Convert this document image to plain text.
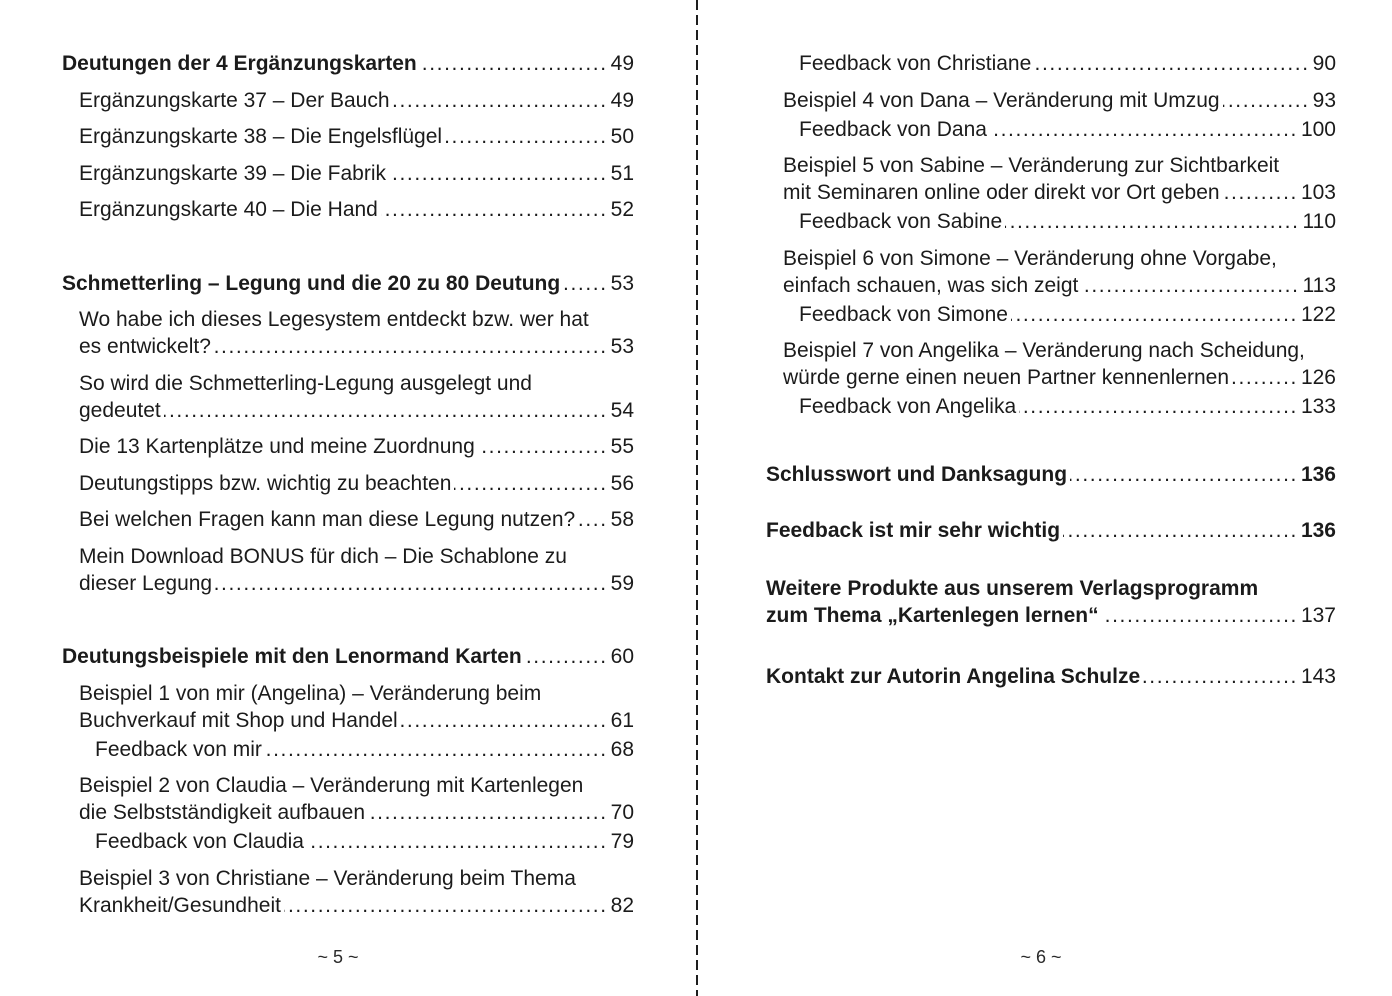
Deutungen der 4 Ergänzungskarten .....	49
Ergänzungskarte 37 – Der Bauch .....	49
Ergänzungskarte 38 – Die Engelsflügel .....	50
Ergänzungskarte 39 – Die Fabrik .....	51
Ergänzungskarte 40 – Die Hand .....	52
Schmetterling – Legung und die 20 zu 80 Deutung ..... 53
Wo habe ich dieses Legesystem entdeckt bzw. wer hat
es entwickelt? .....	53
So wird die Schmetterling-Legung ausgelegt und
gedeutet .....	54
Die 13 Kartenplätze und meine Zuordnung .....	55
Deutungstipps bzw. wichtig zu beachten .....	56
Bei welchen Fragen kann man diese Legung nutzen? ..... 58
Mein Download BONUS für dich – Die Schablone zu
dieser Legung .....	59
Deutungsbeispiele mit den Lenormand Karten .....	60
Beispiel 1 von mir (Angelina) – Veränderung beim
Buchverkauf mit Shop und Handel .....	61
Feedback von mir .....	68
Beispiel 2 von Claudia – Veränderung mit Kartenlegen
die Selbstständigkeit aufbauen .....	70
Feedback von Claudia .....	79
Beispiel 3 von Christiane – Veränderung beim Thema
Krankheit/Gesundheit .....	82
~ 5 ~
Feedback von Christiane .....	90
Beispiel 4 von Dana – Veränderung mit Umzug .....	93
Feedback von Dana .....	100
Beispiel 5 von Sabine – Veränderung zur Sichtbarkeit
mit Seminaren online oder direkt vor Ort geben .....	103
Feedback von Sabine .....	110
Beispiel 6 von Simone – Veränderung ohne Vorgabe,
einfach schauen, was sich zeigt .....	113
Feedback von Simone .....	122
Beispiel 7 von Angelika – Veränderung nach Scheidung,
würde gerne einen neuen Partner kennenlernen .....	126
Feedback von Angelika .....	133
Schlusswort und Danksagung .....	136
Feedback ist mir sehr wichtig .....	136
Weitere Produkte aus unserem Verlagsprogramm
zum Thema „Kartenlegen lernen“ .....	137
Kontakt zur Autorin Angelina Schulze .....	143
~ 6 ~
